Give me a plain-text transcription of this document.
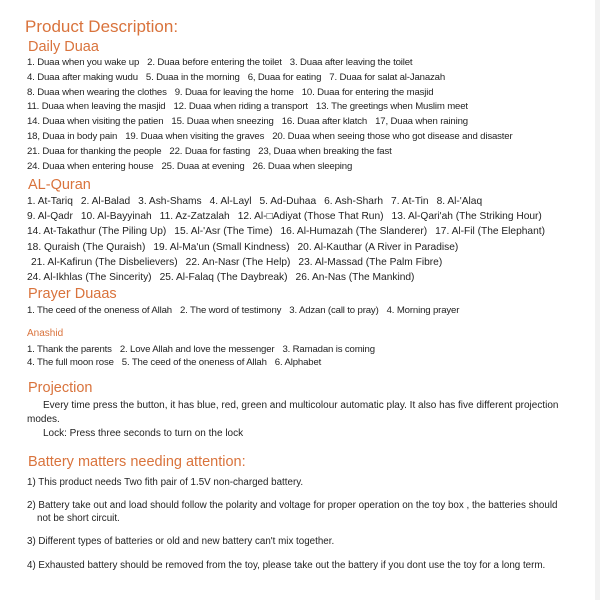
Product Description:
Daily Duaa
1. Duaa when you wake up 2. Duaa before entering the toilet 3. Duaa after leaving the toilet
4. Duaa after making wudu 5. Duaa in the morning 6, Duaa for eating 7. Duaa for salat al-Janazah
8. Duaa when wearing the clothes 9. Duaa for leaving the home 10. Duaa for entering the masjid
11. Duaa when leaving the masjid 12. Duaa when riding a transport 13. The greetings when Muslim meet
14. Duaa when visiting the patien 15. Duaa when sneezing 16. Duaa after klatch 17, Duaa when raining
18, Duaa in body pain 19. Duaa when visiting the graves 20. Duaa when seeing those who got disease and disaster
21. Duaa for thanking the people 22. Duaa for fasting 23, Duaa when breaking the fast
24. Duaa when entering house 25. Duaa at evening 26. Duaa when sleeping
AL-Quran
1. At-Tariq 2. Al-Balad 3. Ash-Shams 4. Al-Layl 5. Ad-Duhaa 6. Ash-Sharh 7. At-Tin 8. Al-'Alaq
9. Al-Qadr 10. Al-Bayyinah 11. Az-Zatzalah 12. Al-□Adiyat (Those That Run) 13. Al-Qari'ah (The Striking Hour)
14. At-Takathur (The Piling Up) 15. Al-'Asr (The Time) 16. Al-Humazah (The Slanderer) 17. Al-Fil (The Elephant)
18. Quraish (The Quraish) 19. Al-Ma'un (Small Kindness) 20. Al-Kauthar (A River in Paradise)
21. Al-Kafirun (The Disbelievers) 22. An-Nasr (The Help) 23. Al-Massad (The Palm Fibre)
24. Al-Ikhlas (The Sincerity) 25. Al-Falaq (The Daybreak) 26. An-Nas (The Mankind)
Prayer Duaas
1. The ceed of the oneness of Allah 2. The word of testimony 3. Adzan (call to pray) 4. Morning prayer
Anashid
1. Thank the parents 2. Love Allah and love the messenger 3. Ramadan is coming
4. The full moon rose 5. The ceed of the oneness of Allah 6. Alphabet
Projection
Every time press the button, it has blue, red, green and multicolour automatic play. It also has five different projection modes.
Lock: Press three seconds to turn on the lock
Battery matters needing attention:
1) This product needs Two fith pair of 1.5V non-charged battery.
2) Battery take out and load should follow the polarity and voltage for proper operation on the toy box , the batteries should not be short circuit.
3) Different types of batteries or old and new battery can't mix together.
4) Exhausted battery should be removed from the toy, please take out the battery if you dont use the toy for a long term.
